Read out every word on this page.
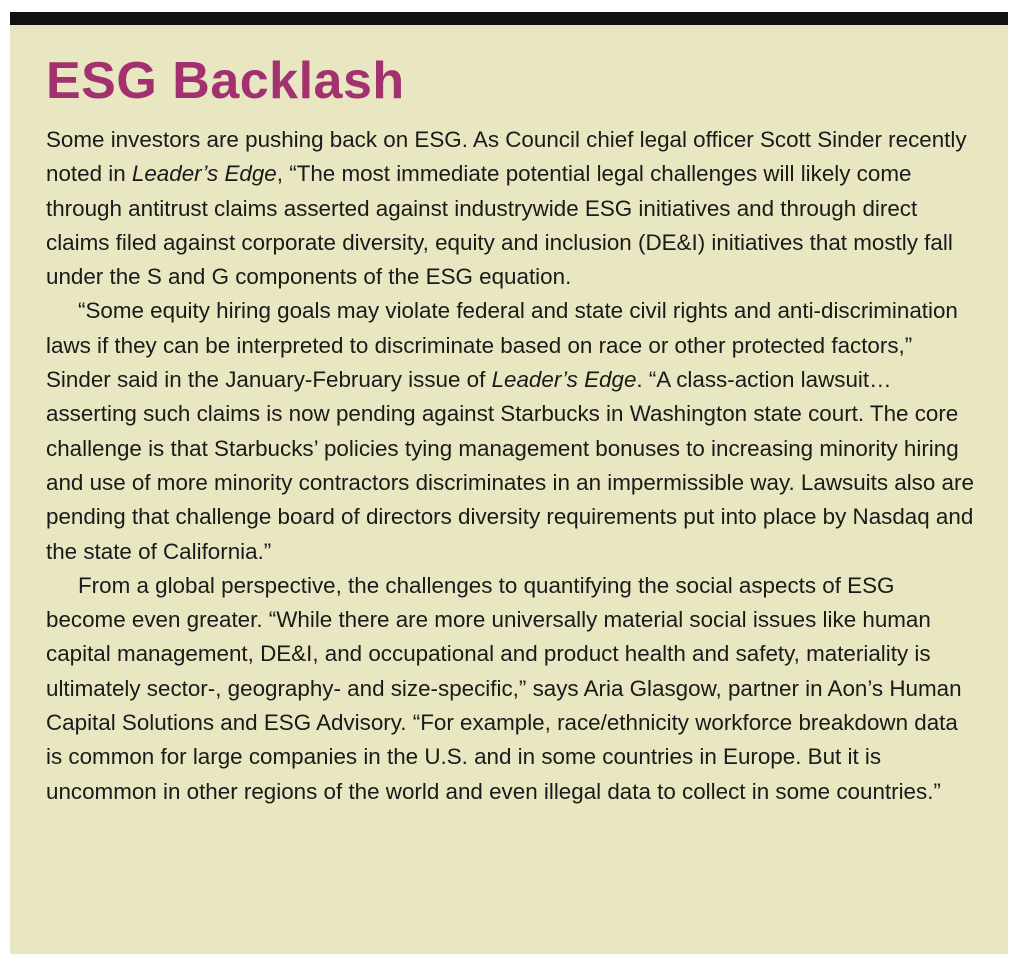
ESG Backlash

Some investors are pushing back on ESG. As Council chief legal officer Scott Sinder recently noted in Leader’s Edge, “The most immediate potential legal challenges will likely come through antitrust claims asserted against industrywide ESG initiatives and through direct claims filed against corporate diversity, equity and inclusion (DE&I) initiatives that mostly fall under the S and G components of the ESG equation.

“Some equity hiring goals may violate federal and state civil rights and anti-discrimination laws if they can be interpreted to discriminate based on race or other protected factors,” Sinder said in the January-February issue of Leader’s Edge. “A class-action lawsuit…asserting such claims is now pending against Starbucks in Washington state court. The core challenge is that Starbucks’ policies tying management bonuses to increasing minority hiring and use of more minority contractors discriminates in an impermissible way. Lawsuits also are pending that challenge board of directors diversity requirements put into place by Nasdaq and the state of California.”

From a global perspective, the challenges to quantifying the social aspects of ESG become even greater. “While there are more universally material social issues like human capital management, DE&I, and occupational and product health and safety, materiality is ultimately sector-, geography- and size-specific,” says Aria Glasgow, partner in Aon’s Human Capital Solutions and ESG Advisory. “For example, race/ethnicity workforce breakdown data is common for large companies in the U.S. and in some countries in Europe. But it is uncommon in other regions of the world and even illegal data to collect in some countries.”
